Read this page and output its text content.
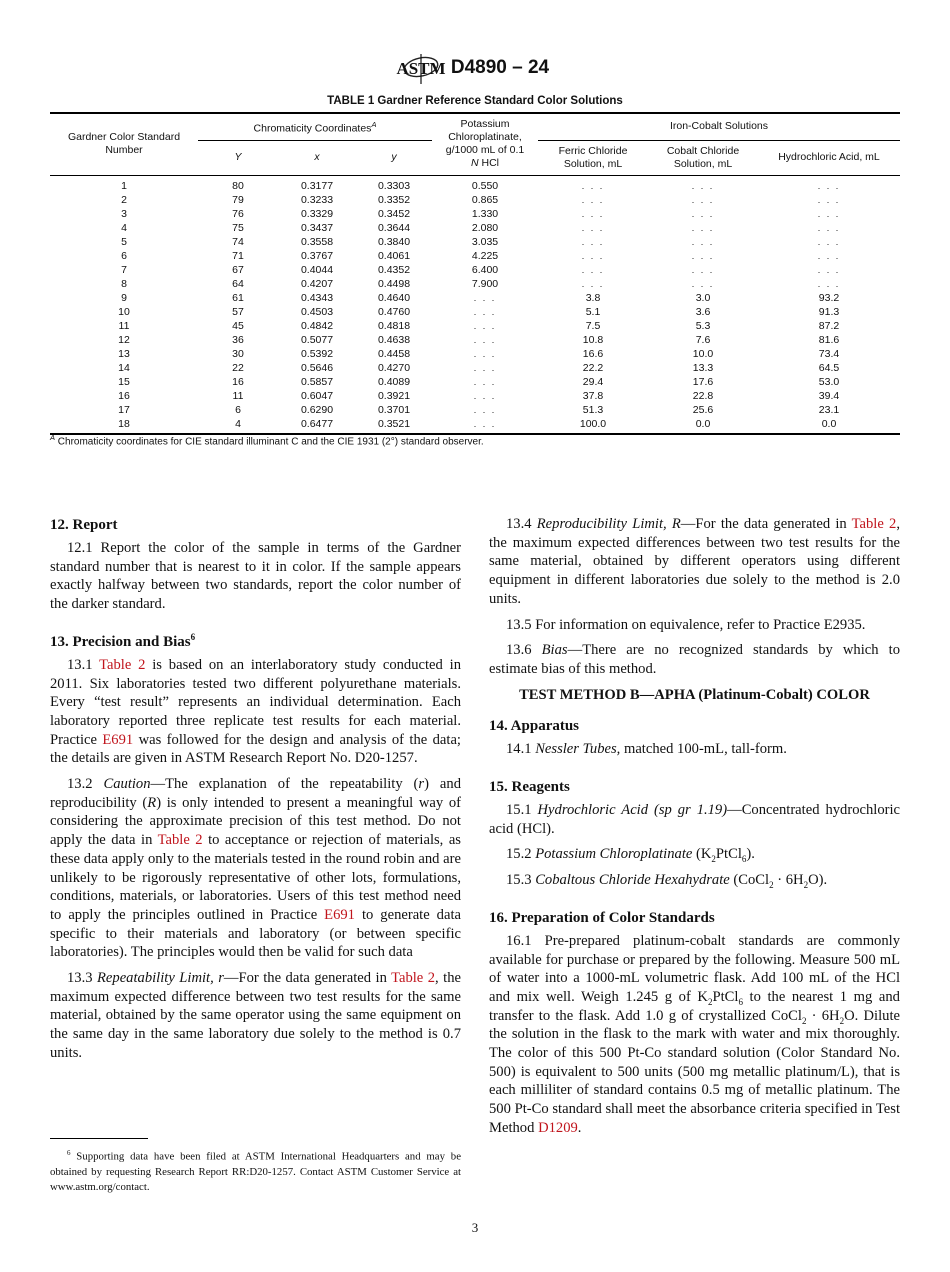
ASTM D4890 – 24
TABLE 1 Gardner Reference Standard Color Solutions
Gardner Color Standard Number	Chromaticity Coordinates$^A$			Potassium
Chloroplatinate,
g/1000 mL of 0.1
N HCl	Iron-Cobalt Solutions		
	Y	x	y		Ferric Chloride Solution, mL	Cobalt Chloride Solution, mL	Hydrochloric Acid, mL
1	80	0.3177	0.3303	0.550	. . .	. . .	. . .
2	79	0.3233	0.3352	0.865	. . .	. . .	. . .
3	76	0.3329	0.3452	1.330	. . .	. . .	. . .
4	75	0.3437	0.3644	2.080	. . .	. . .	. . .
5	74	0.3558	0.3840	3.035	. . .	. . .	. . .
6	71	0.3767	0.4061	4.225	. . .	. . .	. . .
7	67	0.4044	0.4352	6.400	. . .	. . .	. . .
8	64	0.4207	0.4498	7.900	. . .	. . .	. . .
9	61	0.4343	0.4640	. . .	3.8	3.0	93.2
10	57	0.4503	0.4760	. . .	5.1	3.6	91.3
11	45	0.4842	0.4818	. . .	7.5	5.3	87.2
12	36	0.5077	0.4638	. . .	10.8	7.6	81.6
13	30	0.5392	0.4458	. . .	16.6	10.0	73.4
14	22	0.5646	0.4270	. . .	22.2	13.3	64.5
15	16	0.5857	0.4089	. . .	29.4	17.6	53.0
16	11	0.6047	0.3921	. . .	37.8	22.8	39.4
17	6	0.6290	0.3701	. . .	51.3	25.6	23.1
18	4	0.6477	0.3521	. . .	100.0	0.0	0.0
$^A$ Chromaticity coordinates for CIE standard illuminant C and the CIE 1931 (2°) standard observer.
12. Report

12.1 Report the color of the sample in terms of the Gardner standard number that is nearest to it in color. If the sample appears exactly halfway between two standards, report the color number of the darker standard.

13. Precision and Bias$^6$

13.1 Table 2 is based on an interlaboratory study conducted in 2011. Six laboratories tested two different polyurethane materials. Every “test result” represents an individual determination. Each laboratory reported three replicate test results for each material. Practice E691 was followed for the design and analysis of the data; the details are given in ASTM Research Report No. D20-1257.

13.2 Caution—The explanation of the repeatability (r) and reproducibility (R) is only intended to present a meaningful way of considering the approximate precision of this test method. Do not apply the data in Table 2 to acceptance or rejection of materials, as these data apply only to the materials tested in the round robin and are unlikely to be rigorously representative of other lots, formulations, conditions, materials, or laboratories. Users of this test method need to apply the principles outlined in Practice E691 to generate data specific to their materials and laboratory (or between specific laboratories). The principles would then be valid for such data

13.3 Repeatability Limit, r—For the data generated in Table 2, the maximum expected difference between two test results for the same material, obtained by the same operator using the same equipment on the same day in the same laboratory due solely to the method is 0.7 units.

$^6$ Supporting data have been filed at ASTM International Headquarters and may be obtained by requesting Research Report RR:D20-1257. Contact ASTM Customer Service at www.astm.org/contact.

13.4 Reproducibility Limit, R—For the data generated in Table 2, the maximum expected differences between two test results for the same material, obtained by different operators using different equipment in different laboratories due solely to the method is 2.0 units.

13.5 For information on equivalence, refer to Practice E2935.

13.6 Bias—There are no recognized standards by which to estimate bias of this method.

TEST METHOD B—APHA (Platinum-Cobalt) COLOR

14. Apparatus

14.1 Nessler Tubes, matched 100-mL, tall-form.

15. Reagents

15.1 Hydrochloric Acid (sp gr 1.19)—Concentrated hydrochloric acid (HCl).

15.2 Potassium Chloroplatinate $(K_2PtCl_6)$.

15.3 Cobaltous Chloride Hexahydrate (CoCl$_2$ · $6H_2O$).

16. Preparation of Color Standards

16.1 Pre-prepared platinum-cobalt standards are commonly available for purchase or prepared by the following. Measure 500 mL of water into a 1000-mL volumetric flask. Add 100 mL of the HCl and mix well. Weigh 1.245 g of $K_2PtCl_6$ to the nearest 1 mg and transfer to the flask. Add 1.0 g of crystallized CoCl$_2$ · $6H_2O$. Dilute the solution in the flask to the mark with water and mix thoroughly. The color of this 500 Pt-Co standard solution (Color Standard No. 500) is equivalent to 500 units (500 mg metallic platinum/L), that is each milliliter of standard contains 0.5 mg of metallic platinum. The 500 Pt-Co standard shall meet the absorbance criteria specified in Test Method D1209.

3
